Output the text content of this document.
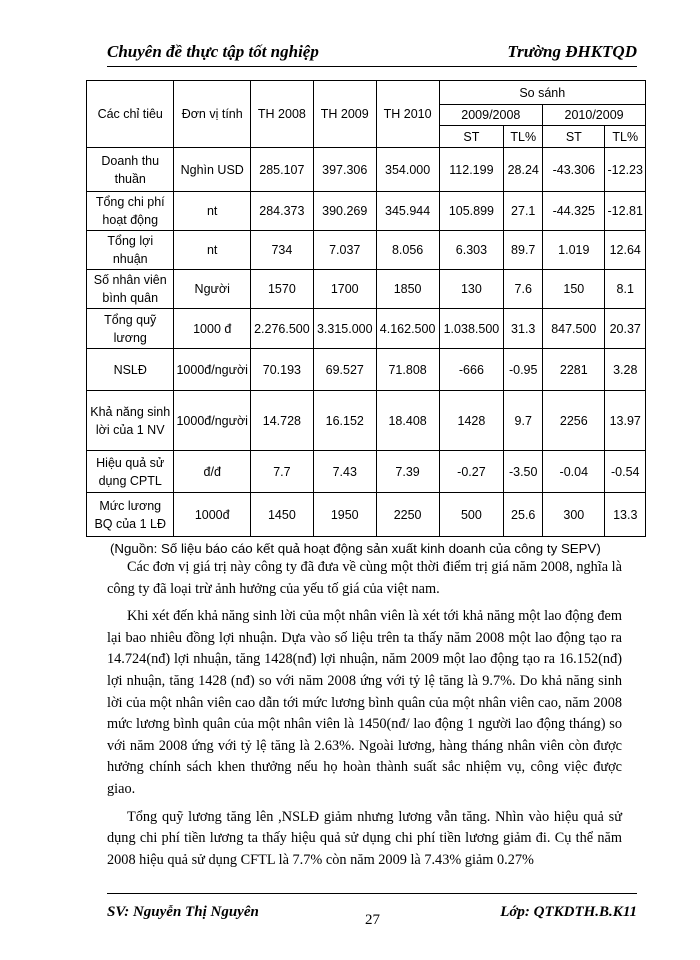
Chuyên đề thực tập tốt nghiệp	Trường ĐHKTQD
Các chỉ tiêu	Đơn vị tính	TH 2008	TH 2009	TH 2010	So sánh			
					2009/2008		2010/2009	
					ST	TL%	ST	TL%
Doanh thu thuần	Nghìn USD	285.107	397.306	354.000	112.199	28.24	-43.306	-12.23
Tổng chi phí hoạt động	nt	284.373	390.269	345.944	105.899	27.1	-44.325	-12.81
Tổng lợi nhuận	nt	734	7.037	8.056	6.303	89.7	1.019	12.64
Số nhân viên bình quân	Người	1570	1700	1850	130	7.6	150	8.1
Tổng quỹ lương	1000 đ	2.276.500	3.315.000	4.162.500	1.038.500	31.3	847.500	20.37
NSLĐ	1000đ/người	70.193	69.527	71.808	-666	-0.95	2281	3.28
Khả năng sinh lời của 1 NV	1000đ/người	14.728	16.152	18.408	1428	9.7	2256	13.97
Hiệu quả sử dụng CPTL	đ/đ	7.7	7.43	7.39	-0.27	-3.50	-0.04	-0.54
Mức lương BQ của 1 LĐ	1000đ	1450	1950	2250	500	25.6	300	13.3
(Nguồn: Số liệu báo cáo kết quả hoạt động sản xuất kinh doanh của công ty SEPV)

Các đơn vị giá trị này công ty đã đưa về cùng một thời điểm trị giá năm 2008, nghĩa là công ty đã loại trừ ảnh hưởng của yếu tố giá của việt nam.

Khi xét đến khả năng sinh lời của một nhân viên là xét tới khả năng một lao động đem lại bao nhiêu đồng lợi nhuận. Dựa vào số liệu trên ta thấy năm 2008 một lao động tạo ra 14.724(nđ) lợi nhuận, tăng 1428(nđ) lợi nhuận, năm 2009 một lao động tạo ra 16.152(nđ) lợi nhuận, tăng 1428 (nđ) so với năm 2008 ứng với tỷ lệ tăng là 9.7%. Do khả năng sinh lời của một nhân viên cao dẫn tới mức lương bình quân của một nhân viên cao, năm 2008 mức lương bình quân của một nhân viên là 1450(nđ/ lao động 1 người lao động tháng) so với năm 2008 ứng với tỷ lệ tăng là 2.63%. Ngoài lương, hàng tháng nhân viên còn được hưởng chính sách khen thưởng nếu họ hoàn thành suất sắc nhiệm vụ, công việc được giao.

Tổng quỹ lương tăng lên ,NSLĐ giảm nhưng lương vẫn tăng. Nhìn vào hiệu quả sử dụng chi phí tiền lương ta thấy hiệu quả sử dụng chi phí tiền lương giảm đi. Cụ thể năm 2008 hiệu quả sử dụng CFTL là 7.7% còn năm 2009 là 7.43% giảm 0.27%

SV: Nguyễn Thị Nguyên	27	Lớp: QTKDTH.B.K11
